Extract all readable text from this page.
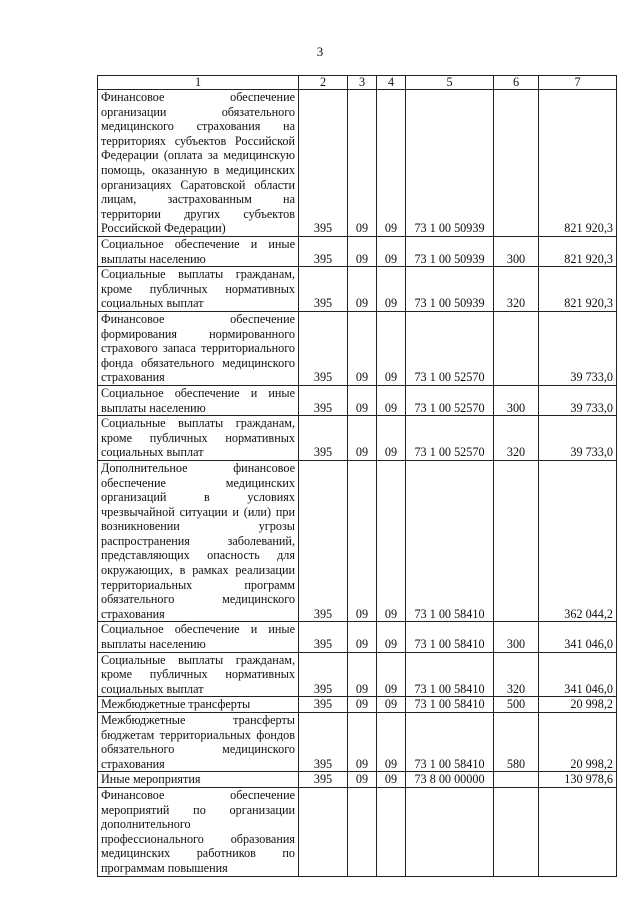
3
1	2	3	4	5	6	7
Финансовое обеспечение организации обязательного медицинского страхования на территориях субъектов Российской Федерации (оплата за медицинскую помощь, оказанную в медицинских организациях Саратовской области лицам, застрахованным на территории других субъектов Российской Федерации)	395	09	09	73 1 00 50939		821 920,3
Социальное обеспечение и иные выплаты населению	395	09	09	73 1 00 50939	300	821 920,3
Социальные выплаты гражданам, кроме публичных нормативных социальных выплат	395	09	09	73 1 00 50939	320	821 920,3
Финансовое обеспечение формирования нормированного страхового запаса территориального фонда обязательного медицинского страхования	395	09	09	73 1 00 52570		39 733,0
Социальное обеспечение и иные выплаты населению	395	09	09	73 1 00 52570	300	39 733,0
Социальные выплаты гражданам, кроме публичных нормативных социальных выплат	395	09	09	73 1 00 52570	320	39 733,0
Дополнительное финансовое обеспечение медицинских организаций в условиях чрезвычайной ситуации и (или) при возникновении угрозы распространения заболеваний, представляющих опасность для окружающих, в рамках реализации территориальных программ обязательного медицинского страхования	395	09	09	73 1 00 58410		362 044,2
Социальное обеспечение и иные выплаты населению	395	09	09	73 1 00 58410	300	341 046,0
Социальные выплаты гражданам, кроме публичных нормативных социальных выплат	395	09	09	73 1 00 58410	320	341 046,0
Межбюджетные трансферты	395	09	09	73 1 00 58410	500	20 998,2
Межбюджетные трансферты бюджетам территориальных фондов обязательного медицинского страхования	395	09	09	73 1 00 58410	580	20 998,2
Иные мероприятия	395	09	09	73 8 00 00000		130 978,6
Финансовое обеспечение мероприятий по организации дополнительного профессионального образования медицинских работников по программам повышения						
